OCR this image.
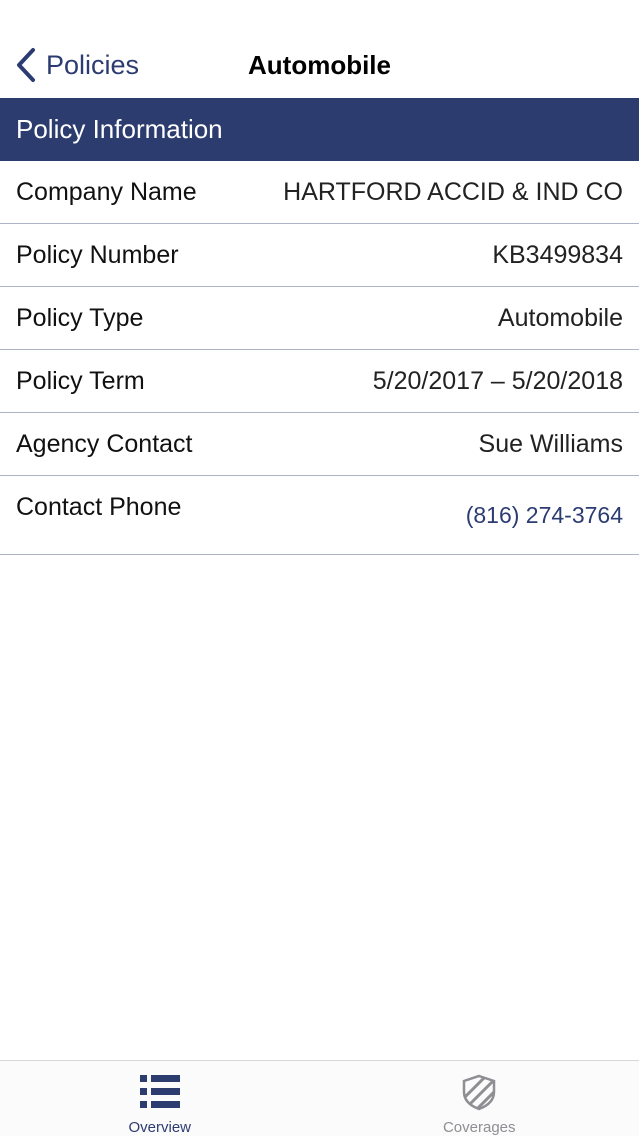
Policies	Automobile
Policy Information
Company Name	HARTFORD ACCID & IND CO
Policy Number	KB3499834
Policy Type	Automobile
Policy Term	5/20/2017 – 5/20/2018
Agency Contact	Sue Williams
Contact Phone	(816) 274-3764
Overview	Coverages
